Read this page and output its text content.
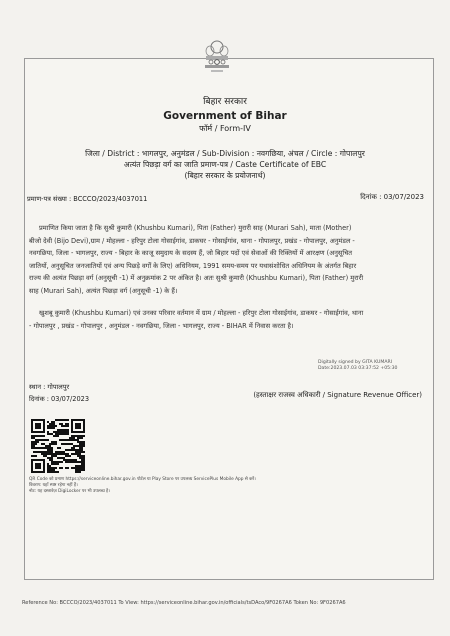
बिहार सरकार
Government of Bihar
फॉर्म / Form-IV
जिला / District : भागलपुर, अनुमंडल / Sub-Division : नवगछिया, अंचल / Circle : गोपालपुर
अत्यंत पिछड़ा वर्ग का जाति प्रमाण-पत्र / Caste Certificate of EBC
(बिहार सरकार के प्रयोजनार्थ)
प्रमाण-पत्र संख्या : BCCCO/2023/4037011	दिनांक : 03/07/2023
प्रमाणित किया जाता है कि सुश्री कुमारी (Khushbu Kumari), पिता (Father) मुरारी साह (Murari Sah), माता (Mother)
बीजो देवी (Bijo Devi),ग्राम / मोहल्ला - हरिपुर टोला गोसाईगांव, डाकघर - गोसाईगांव, थाना - गोपालपुर, प्रखंड - गोपालपुर, अनुमंडल -
नवगछिया, जिला - भागलपुर, राज्य - बिहार के काजू समुदाय के सदस्य हैं, जो बिहार पदों एवं सेवाओं की रिक्तियों में आरक्षण (अनुसूचित
जातियों, अनुसूचित जनजातियों एवं अन्य पिछड़े वर्गों के लिए) अधिनियम, 1991 समय-समय पर यथासंशोधित अधिनियम के अंतर्गत बिहार
राज्य की अत्यंत पिछड़ा वर्ग (अनुसूची -1) में अनुक्रमांक 2 पर अंकित है। अतः सुश्री कुमारी (Khushbu Kumari), पिता (Father) मुरारी
साह (Murari Sah), अत्यंत पिछड़ा वर्ग (अनुसूची -1) के हैं।
खुशबू कुमारी (Khushbu Kumari) एवं उनका परिवार वर्तमान में ग्राम / मोहल्ला - हरिपुर टोला गोसाईगांव, डाकघर - गोसाईगांव, थाना
- गोपालपुर , प्रखंड - गोपालपुर , अनुमंडल - नवगछिया, जिला - भागलपुर, राज्य - BIHAR में निवास करता है।
Digitally signed by GITA KUMARI
Date:2023.07.03 03:37:52 +05:30
स्थान : गोपालपुर
दिनांक : 03/07/2023	(हस्ताक्षर राजस्व अधिकारी / Signature Revenue Officer)
QR Code को प्रमाण https://serviceonline.bihar.gov.in पोर्टल या Play Store पर उपलब्ध ServicePlus Mobile App से करें।
विवरण: यहाँ स्पष्ट रहेगा नहीं हैं।
नोट: यह दस्तावेज़ DigiLocker पर भी उपलब्ध है।
Reference No: BCCCO/2023/4037011 To View: https://serviceonline.bihar.gov.in/officials/tsDAco/9F0267A6 Token No: 9F0267A6
